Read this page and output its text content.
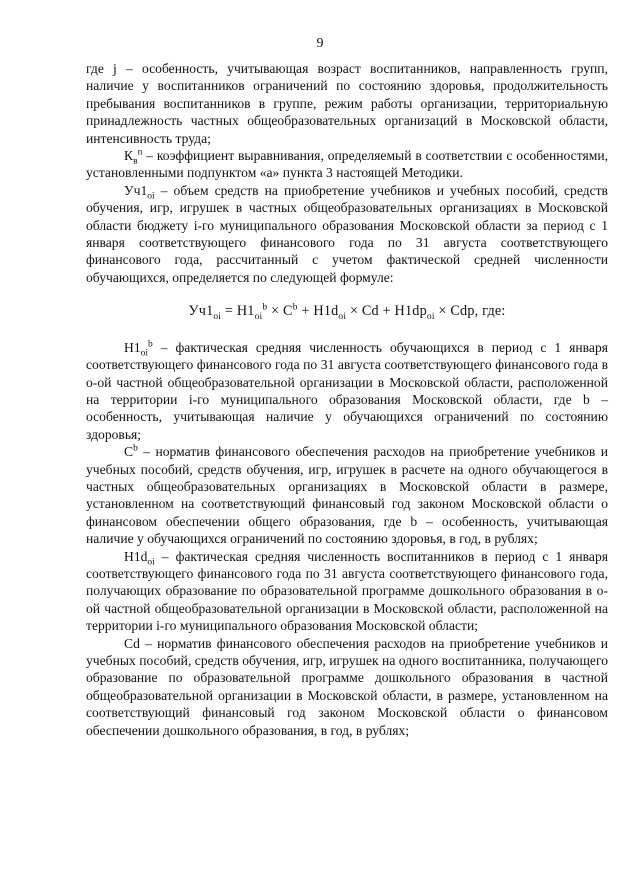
9

где j – особенность, учитывающая возраст воспитанников, направленность групп, наличие у воспитанников ограничений по состоянию здоровья, продолжительность пребывания воспитанников в группе, режим работы организации, территориальную принадлежность частных общеобразовательных организаций в Московской области, интенсивность труда;

$К_в^n$ – коэффициент выравнивания, определяемый в соответствии с особенностями, установленными подпунктом «а» пункта 3 настоящей Методики.

$Уч1_{oi}$ – объем средств на приобретение учебников и учебных пособий, средств обучения, игр, игрушек в частных общеобразовательных организациях в Московской области бюджету i-го муниципального образования Московской области за период с 1 января соответствующего финансового года по 31 августа соответствующего финансового года, рассчитанный с учетом фактической средней численности обучающихся, определяется по следующей формуле:

$Уч1_{oi} = Н1_{oi}^b \times С^b + Н1d_{oi} \times Cd + Н1dp_{oi}$ × Cdp, где:

$Н1_{oi}^b$ – фактическая средняя численность обучающихся в период с 1 января соответствующего финансового года по 31 августа соответствующего финансового года в о-ой частной общеобразовательной организации в Московской области, расположенной на территории i-го муниципального образования Московской области, где b – особенность, учитывающая наличие у обучающихся ограничений по состоянию здоровья;

$С^b$ – норматив финансового обеспечения расходов на приобретение учебников и учебных пособий, средств обучения, игр, игрушек в расчете на одного обучающегося в частных общеобразовательных организациях в Московской области в размере, установленном на соответствующий финансовый год законом Московской области о финансовом обеспечении общего образования, где b – особенность, учитывающая наличие у обучающихся ограничений по состоянию здоровья, в год, в рублях;

$Н1d_{oi}$ – фактическая средняя численность воспитанников в период с 1 января соответствующего финансового года по 31 августа соответствующего финансового года, получающих образование по образовательной программе дошкольного образования в о-ой частной общеобразовательной организации в Московской области, расположенной на территории i-го муниципального образования Московской области;

Cd – норматив финансового обеспечения расходов на приобретение учебников и учебных пособий, средств обучения, игр, игрушек на одного воспитанника, получающего образование по образовательной программе дошкольного образования в частной общеобразовательной организации в Московской области, в размере, установленном на соответствующий финансовый год законом Московской области о финансовом обеспечении дошкольного образования, в год, в рублях;
